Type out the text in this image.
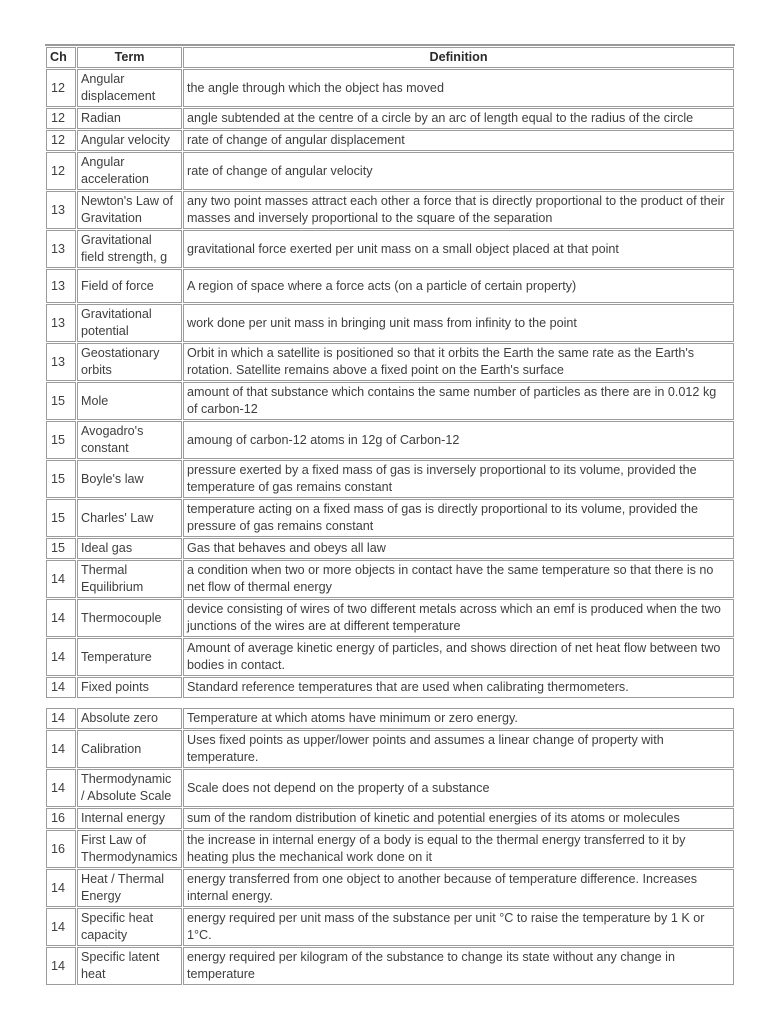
Ch	Term	Definition
12	Angular displacement	the angle through which the object has moved
12	Radian	angle subtended at the centre of a circle by an arc of length equal to the radius of the circle
12	Angular velocity	rate of change of angular displacement
12	Angular acceleration	rate of change of angular velocity
13	Newton's Law of Gravitation	any two point masses attract each other a force that is directly proportional to the product of their masses and inversely proportional to the square of the separation
13	Gravitational field strength, g	gravitational force exerted per unit mass on a small object placed at that point
13	Field of force	A region of space where a force acts (on a particle of certain property)
13	Gravitational potential	work done per unit mass in bringing unit mass from infinity to the point
13	Geostationary orbits	Orbit in which a satellite is positioned so that it orbits the Earth the same rate as the Earth's rotation. Satellite remains above a fixed point on the Earth's surface
15	Mole	amount of that substance which contains the same number of particles as there are in 0.012 kg of carbon-12
15	Avogadro's constant	amoung of carbon-12 atoms in 12g of Carbon-12
15	Boyle's law	pressure exerted by a fixed mass of gas is inversely proportional to its volume, provided the temperature of gas remains constant
15	Charles' Law	temperature acting on a fixed mass of gas is directly proportional to its volume, provided the pressure of gas remains constant
15	Ideal gas	Gas that behaves and obeys all law
14	Thermal Equilibrium	a condition when two or more objects in contact have the same temperature so that there is no net flow of thermal energy
14	Thermocouple	device consisting of wires of two different metals across which an emf is produced when the two junctions of the wires are at different temperature
14	Temperature	Amount of average kinetic energy of particles, and shows direction of net heat flow between two bodies in contact.
14	Fixed points	Standard reference temperatures that are used when calibrating thermometers.

14	Absolute zero	Temperature at which atoms have minimum or zero energy.
14	Calibration	Uses fixed points as upper/lower points and assumes a linear change of property with temperature.
14	Thermodynamic / Absolute Scale	Scale does not depend on the property of a substance
16	Internal energy	sum of the random distribution of kinetic and potential energies of its atoms or molecules
16	First Law of Thermodynamics	the increase in internal energy of a body is equal to the thermal energy transferred to it by heating plus the mechanical work done on it
14	Heat / Thermal Energy	energy transferred from one object to another because of temperature difference. Increases internal energy.
14	Specific heat capacity	energy required per unit mass of the substance per unit °C to raise the temperature by 1 K or 1°C.
14	Specific latent heat	energy required per kilogram of the substance to change its state without any change in temperature
